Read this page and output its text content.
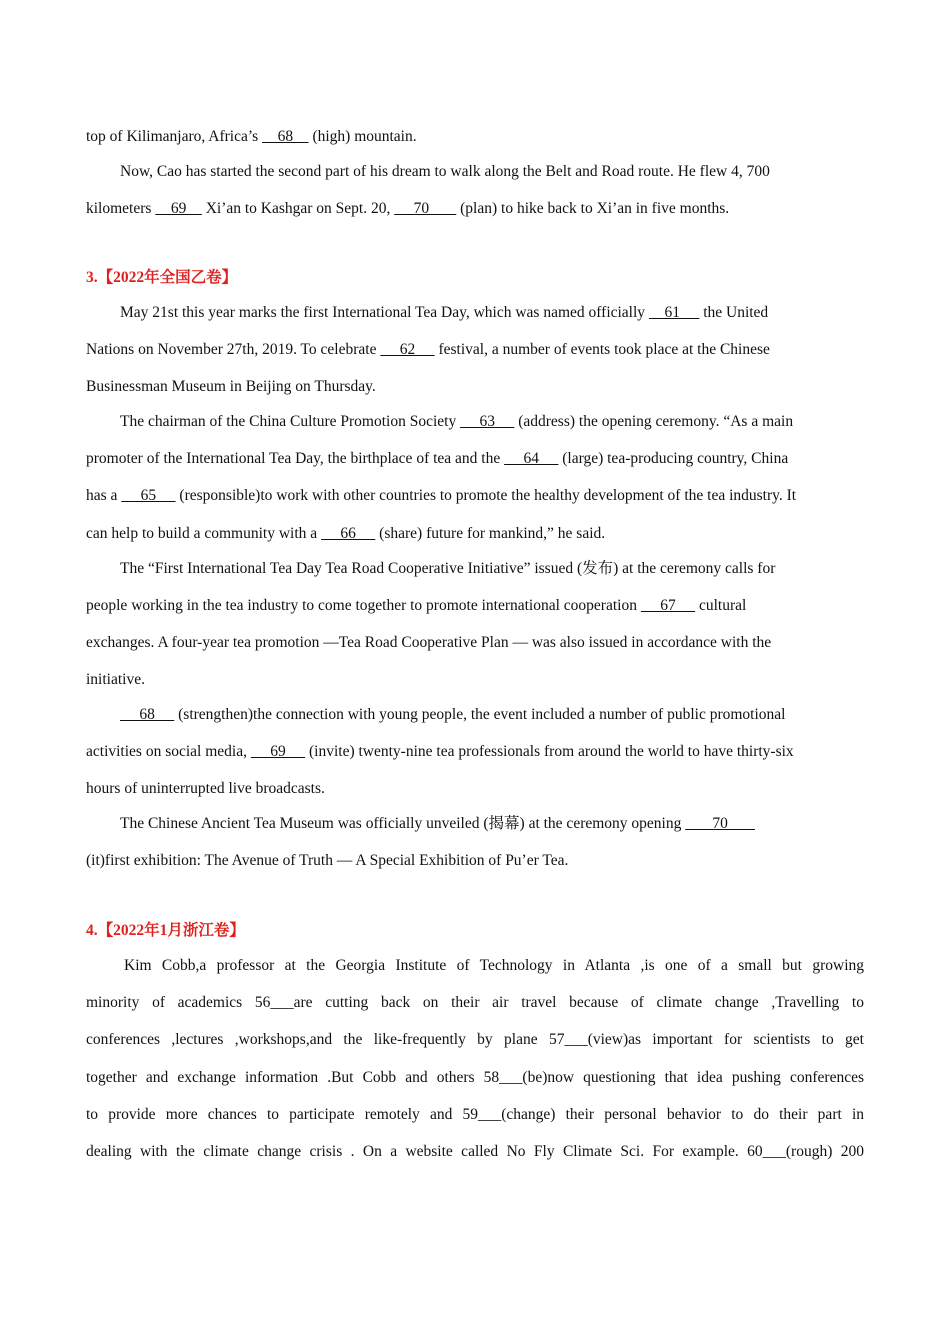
top of Kilimanjaro, Africa’s     68     (high) mountain.
Now, Cao has started the second part of his dream to walk along the Belt and Road route. He flew 4, 700
kilometers     69     Xi’an to Kashgar on Sept. 20,      70        (plan) to hike back to Xi’an in five months.
3.【2022年全国乙卷】
May 21st this year marks the first International Tea Day, which was named officially     61      the United
Nations on November 27th, 2019. To celebrate      62      festival, a number of events took place at the Chinese
Businessman Museum in Beijing on Thursday.
The chairman of the China Culture Promotion Society      63      (address) the opening ceremony. “As a main
promoter of the International Tea Day, the birthplace of tea and the      64      (large) tea-producing country, China
has a      65      (responsible)to work with other countries to promote the healthy development of the tea industry. It
can help to build a community with a      66      (share) future for mankind,” he said.
The “First International Tea Day Tea Road Cooperative Initiative” issued (发布) at the ceremony calls for
people working in the tea industry to come together to promote international cooperation      67      cultural
exchanges. A four-year tea promotion —Tea Road Cooperative Plan — was also issued in accordance with the
initiative.
68      (strengthen)the connection with young people, the event included a number of public promotional
activities on social media,      69      (invite) twenty-nine tea professionals from around the world to have thirty-six
hours of uninterrupted live broadcasts.
The Chinese Ancient Tea Museum was officially unveiled (揭幕) at the ceremony opening        70
(it)first exhibition: The Avenue of Truth — A Special Exhibition of Pu’er Tea.
4.【2022年1月浙江卷】
Kim Cobb,a professor at the Georgia Institute of Technology in Atlanta ,is one of a small but growing
minority of academics 56___are cutting back on their air travel because of climate change ,Travelling to
conferences ,lectures ,workshops,and the like-frequently by plane 57___(view)as important for scientists to get
together and exchange information .But Cobb and others 58___(be)now questioning that idea pushing conferences
to provide more chances to participate remotely and 59___(change) their personal behavior to do their part in
dealing with the climate change crisis . On a website called No Fly Climate Sci. For example. 60___(rough) 200
